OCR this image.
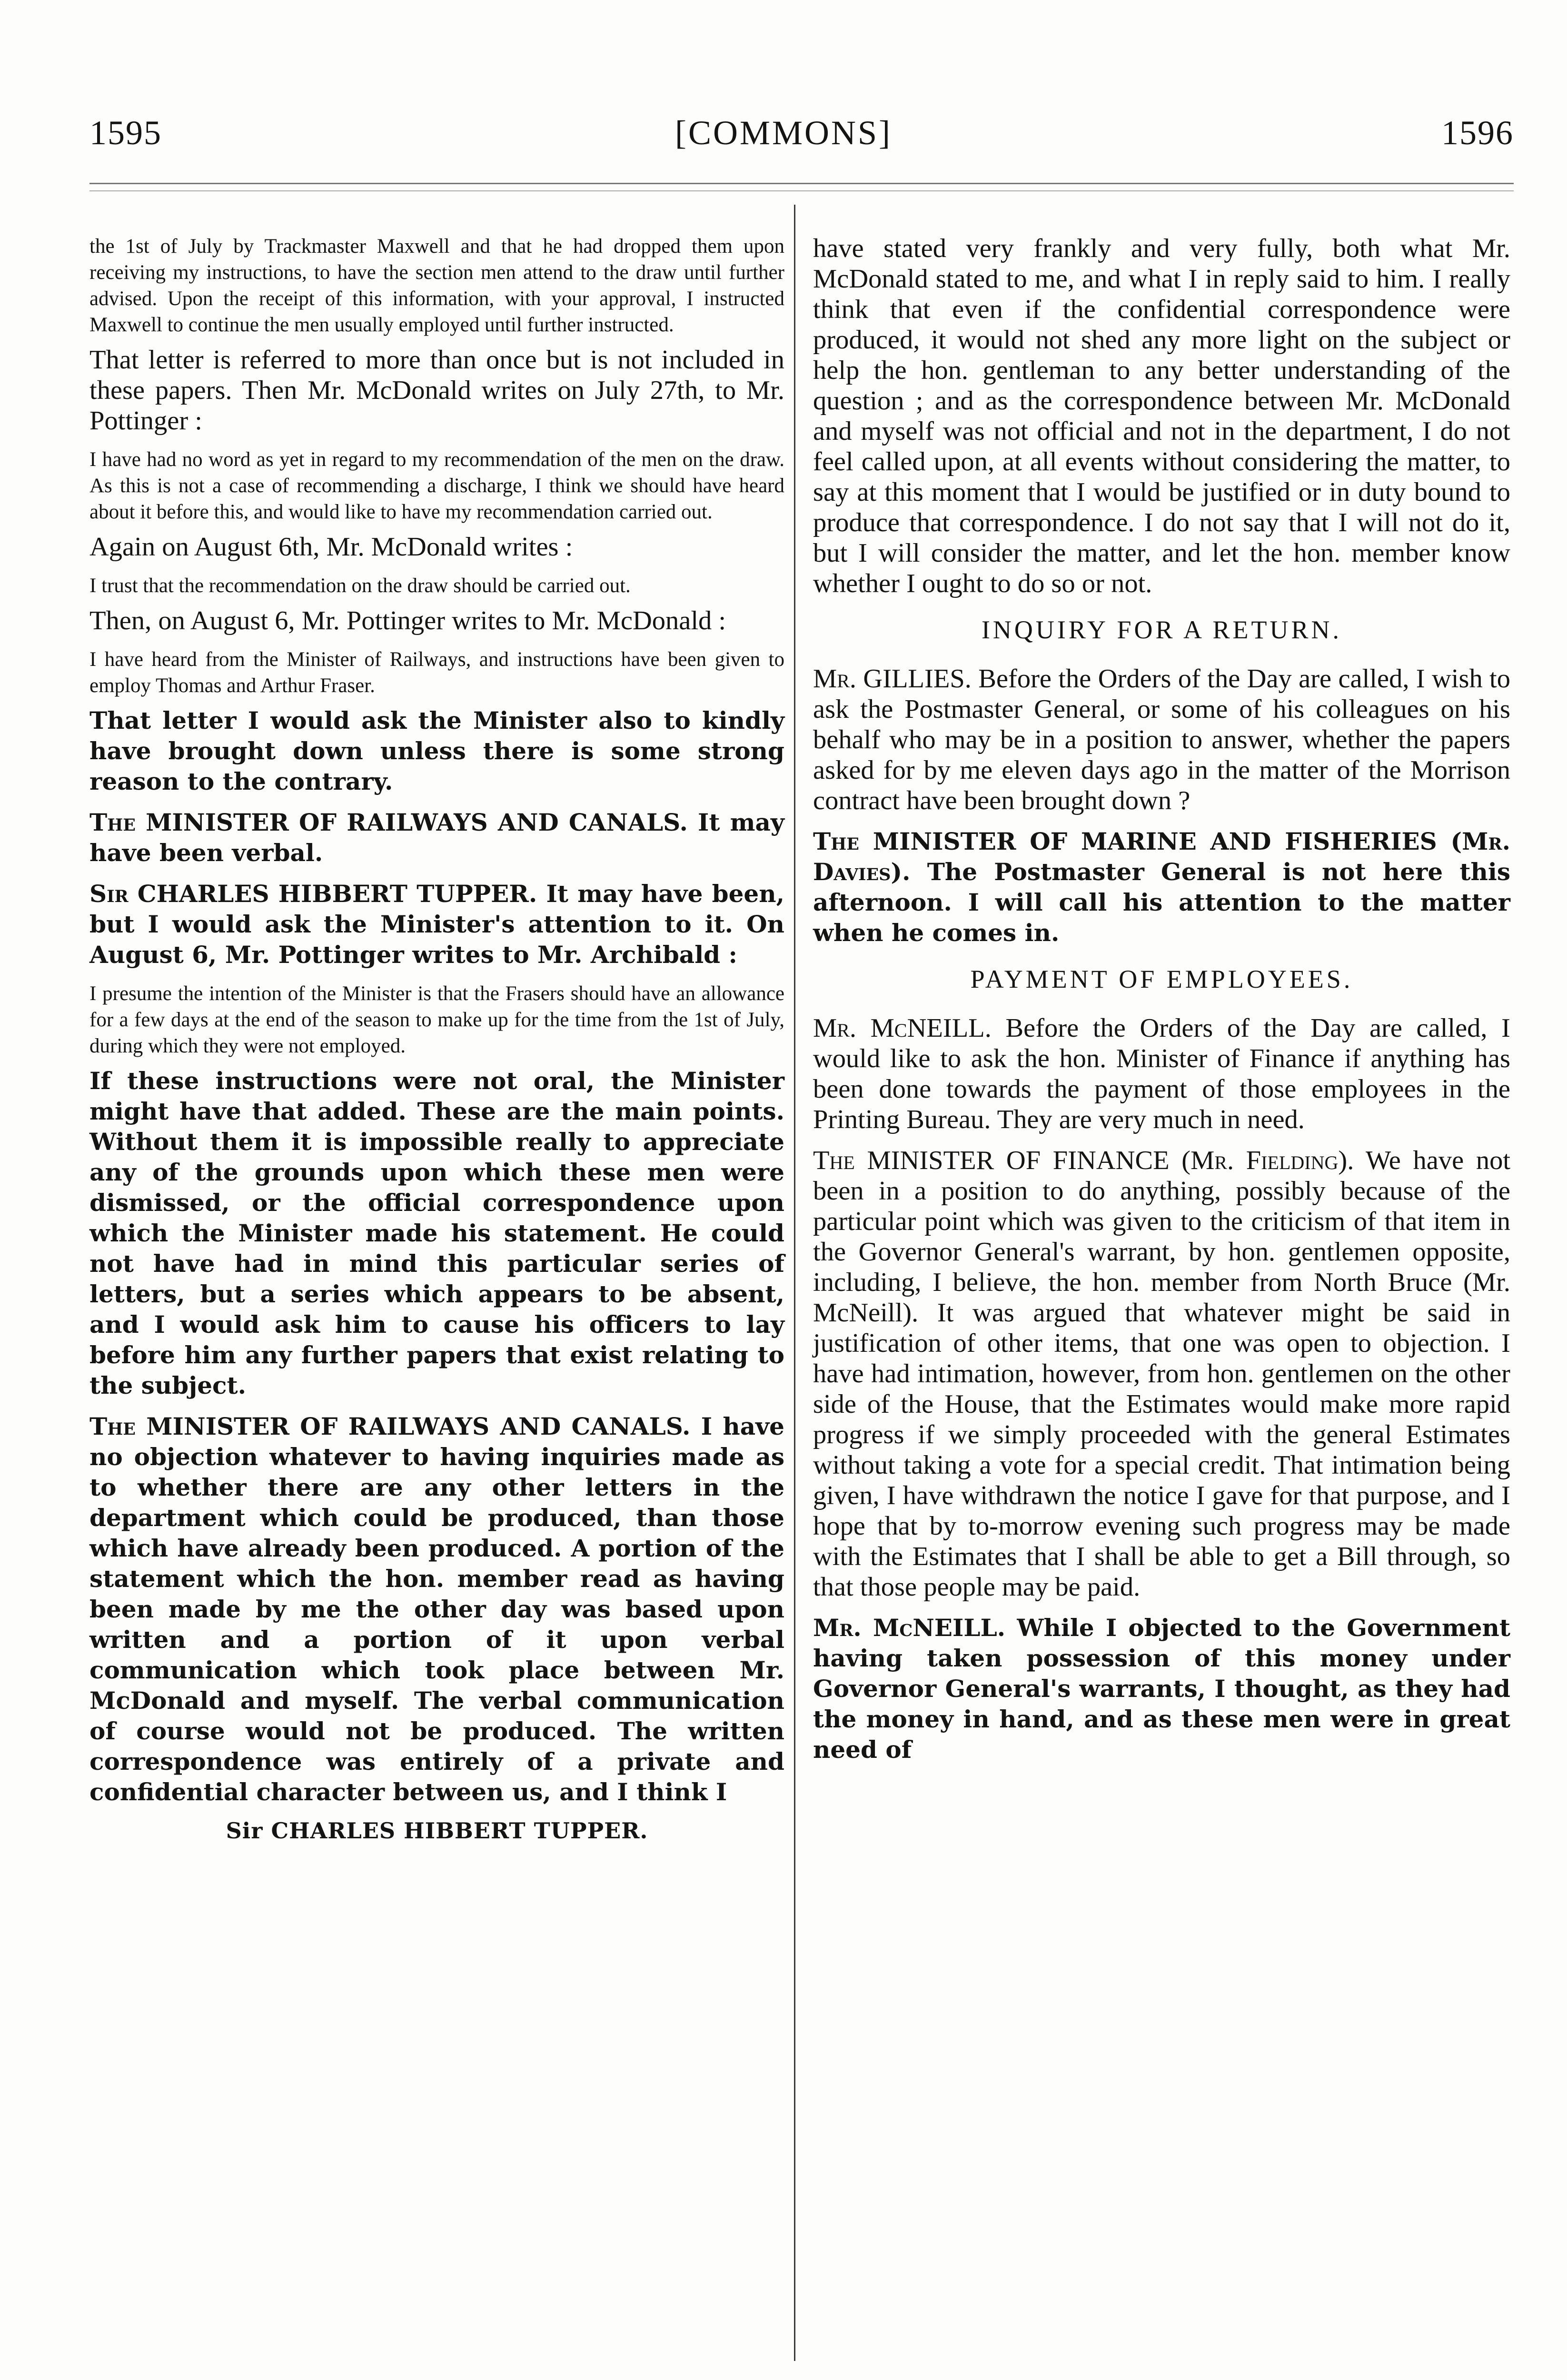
1595	[COMMONS]	1596

the 1st of July by Trackmaster Maxwell and that he had dropped them upon receiving my instructions, to have the section men attend to the draw until further advised. Upon the receipt of this information, with your approval, I instructed Maxwell to continue the men usually employed until further instructed.

That letter is referred to more than once but is not included in these papers. Then Mr. McDonald writes on July 27th, to Mr. Pottinger :

I have had no word as yet in regard to my recommendation of the men on the draw. As this is not a case of recommending a discharge, I think we should have heard about it before this, and would like to have my recommendation carried out.

Again on August 6th, Mr. McDonald writes :

I trust that the recommendation on the draw should be carried out.

Then, on August 6, Mr. Pottinger writes to Mr. McDonald :

I have heard from the Minister of Railways, and instructions have been given to employ Thomas and Arthur Fraser.

That letter I would ask the Minister also to kindly have brought down unless there is some strong reason to the contrary.

The MINISTER OF RAILWAYS AND CANALS. It may have been verbal.

Sir CHARLES HIBBERT TUPPER. It may have been, but I would ask the Minister's attention to it. On August 6, Mr. Pottinger writes to Mr. Archibald :

I presume the intention of the Minister is that the Frasers should have an allowance for a few days at the end of the season to make up for the time from the 1st of July, during which they were not employed.

If these instructions were not oral, the Minister might have that added. These are the main points. Without them it is impossible really to appreciate any of the grounds upon which these men were dismissed, or the official correspondence upon which the Minister made his statement. He could not have had in mind this particular series of letters, but a series which appears to be absent, and I would ask him to cause his officers to lay before him any further papers that exist relating to the subject.

The MINISTER OF RAILWAYS AND CANALS. I have no objection whatever to having inquiries made as to whether there are any other letters in the department which could be produced, than those which have already been produced. A portion of the statement which the hon. member read as having been made by me the other day was based upon written and a portion of it upon verbal communication which took place between Mr. McDonald and myself. The verbal communication of course would not be produced. The written correspondence was entirely of a private and confidential character between us, and I think I

Sir CHARLES HIBBERT TUPPER.

have stated very frankly and very fully, both what Mr. McDonald stated to me, and what I in reply said to him. I really think that even if the confidential correspondence were produced, it would not shed any more light on the subject or help the hon. gentleman to any better understanding of the question ; and as the correspondence between Mr. McDonald and myself was not official and not in the department, I do not feel called upon, at all events without considering the matter, to say at this moment that I would be justified or in duty bound to produce that correspondence. I do not say that I will not do it, but I will consider the matter, and let the hon. member know whether I ought to do so or not.

INQUIRY FOR A RETURN.

Mr. GILLIES. Before the Orders of the Day are called, I wish to ask the Postmaster General, or some of his colleagues on his behalf who may be in a position to answer, whether the papers asked for by me eleven days ago in the matter of the Morrison contract have been brought down ?

The MINISTER OF MARINE AND FISHERIES (Mr. Davies). The Postmaster General is not here this afternoon. I will call his attention to the matter when he comes in.

PAYMENT OF EMPLOYEES.

Mr. McNEILL. Before the Orders of the Day are called, I would like to ask the hon. Minister of Finance if anything has been done towards the payment of those employees in the Printing Bureau. They are very much in need.

The MINISTER OF FINANCE (Mr. Fielding). We have not been in a position to do anything, possibly because of the particular point which was given to the criticism of that item in the Governor General's warrant, by hon. gentlemen opposite, including, I believe, the hon. member from North Bruce (Mr. McNeill). It was argued that whatever might be said in justification of other items, that one was open to objection. I have had intimation, however, from hon. gentlemen on the other side of the House, that the Estimates would make more rapid progress if we simply proceeded with the general Estimates without taking a vote for a special credit. That intimation being given, I have withdrawn the notice I gave for that purpose, and I hope that by to-morrow evening such progress may be made with the Estimates that I shall be able to get a Bill through, so that those people may be paid.

Mr. McNEILL. While I objected to the Government having taken possession of this money under Governor General's warrants, I thought, as they had the money in hand, and as these men were in great need of
